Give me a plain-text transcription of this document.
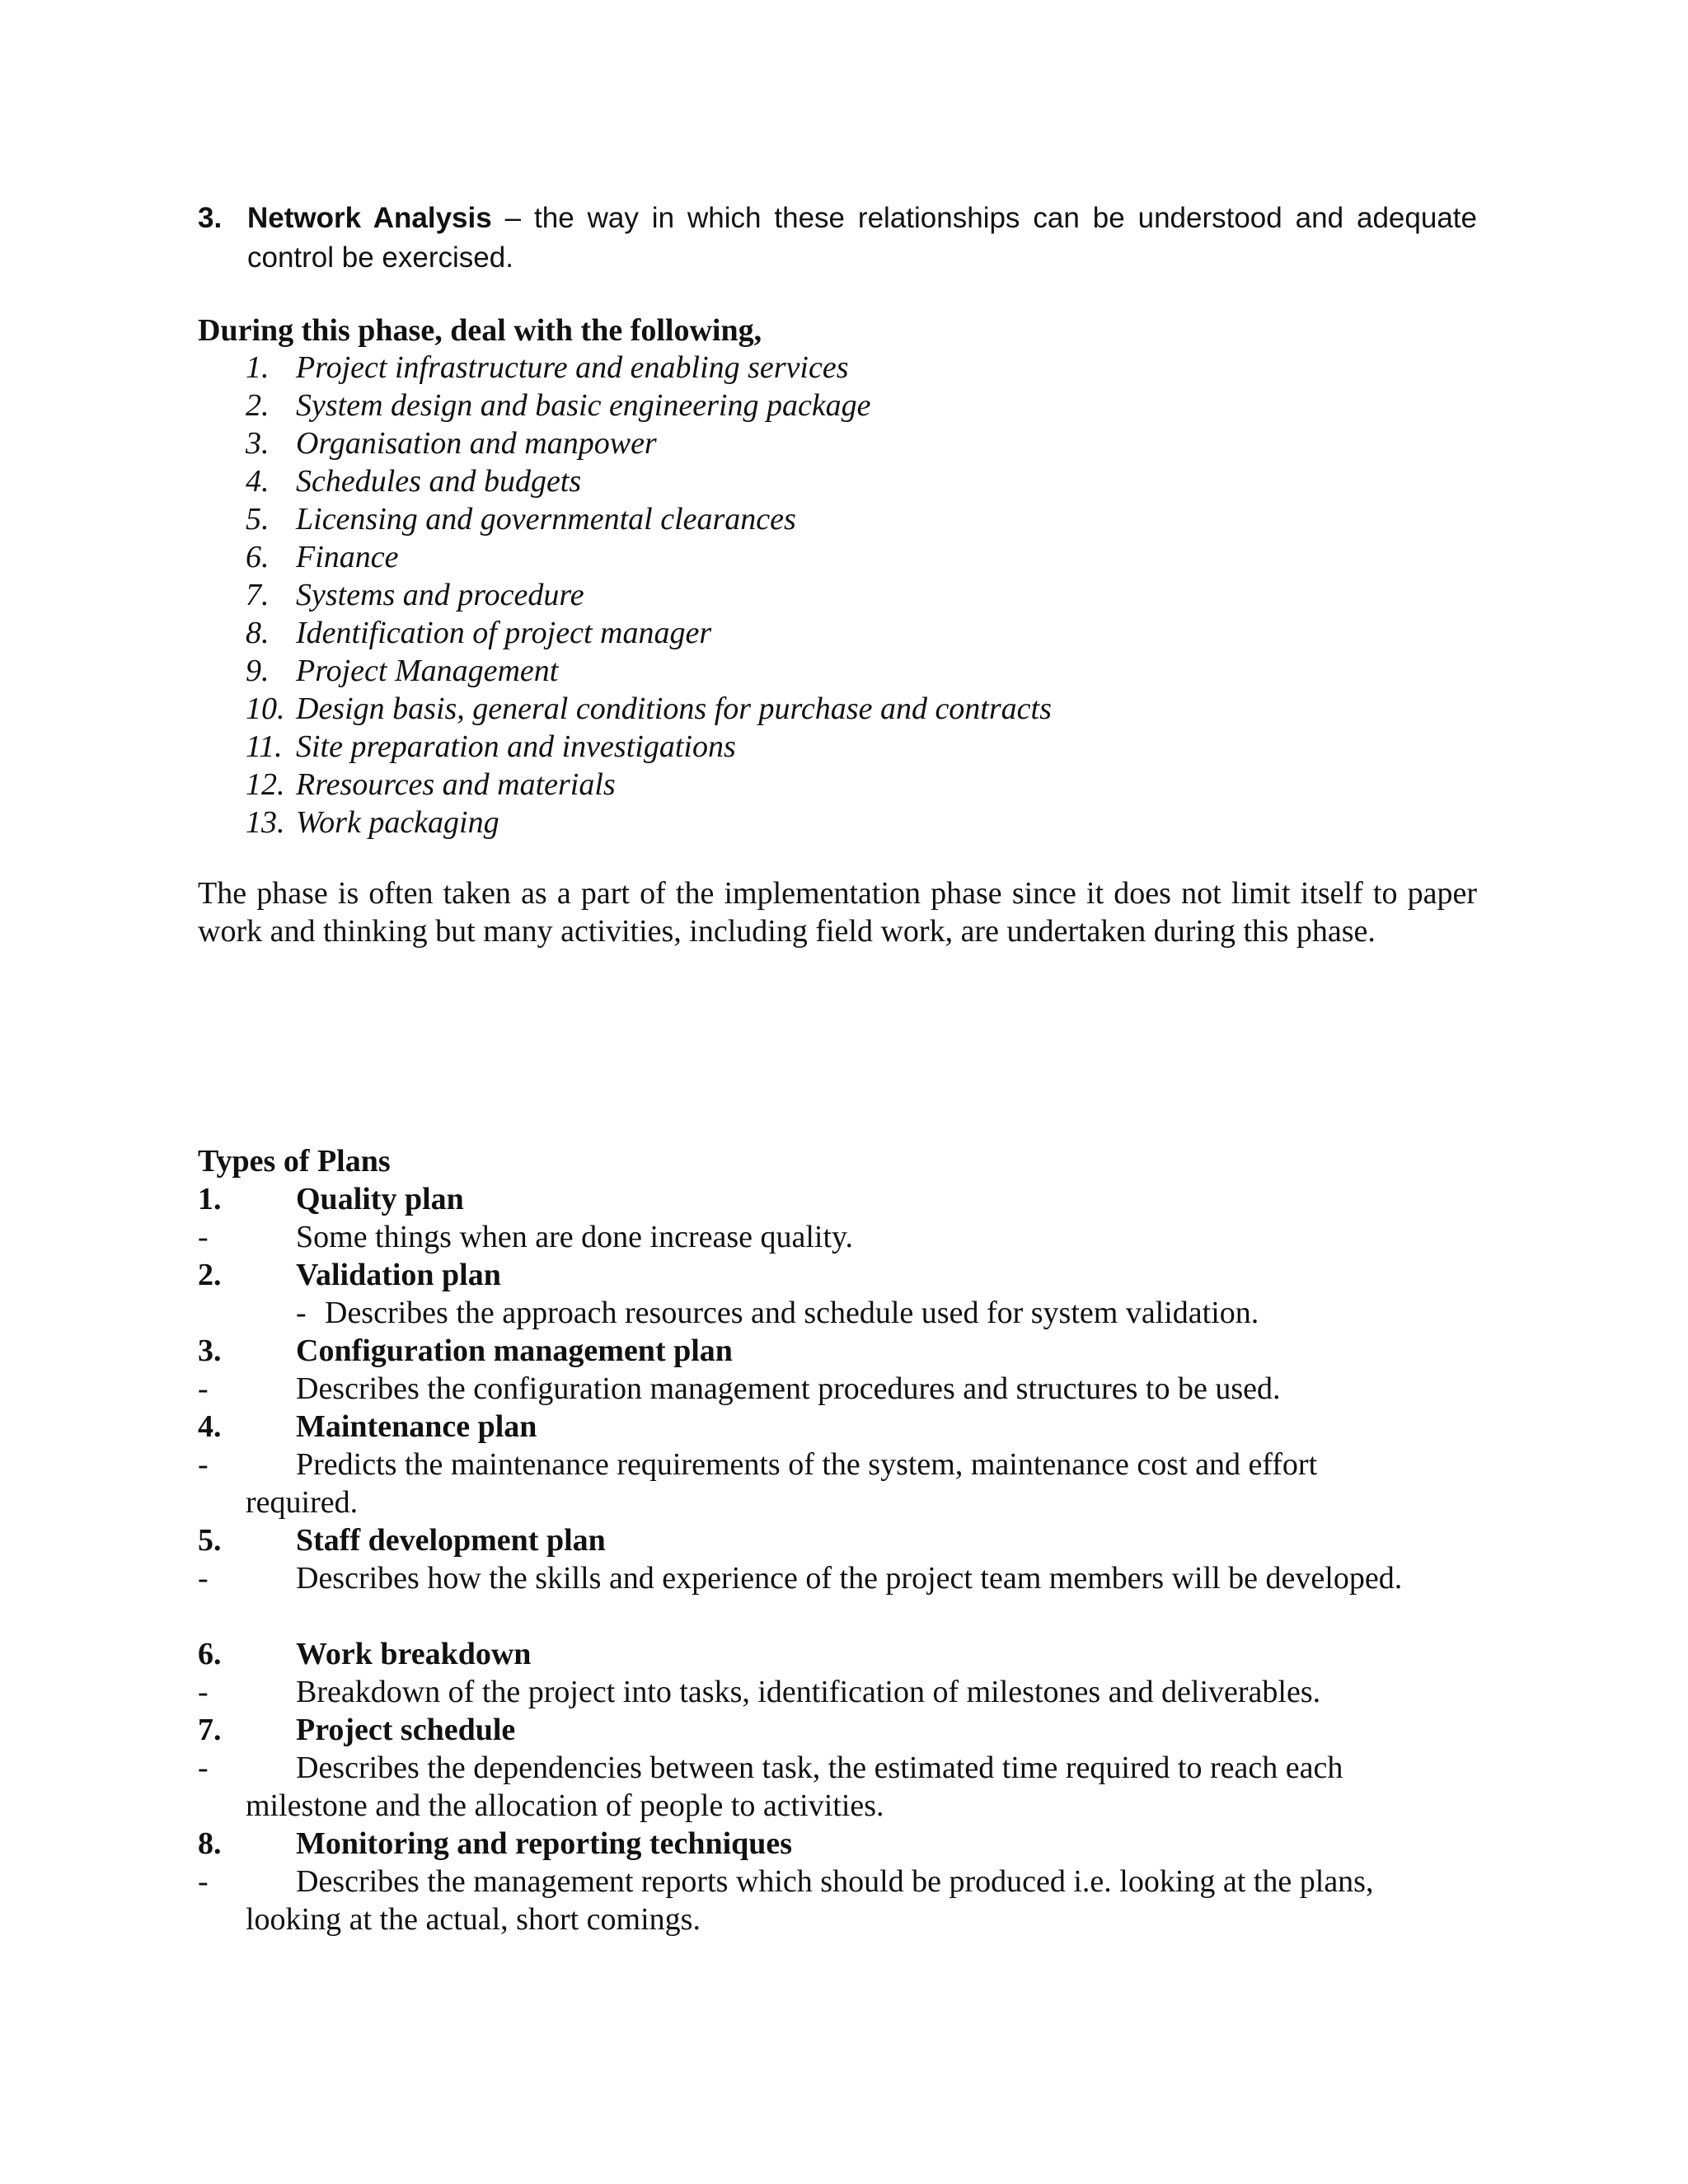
3. Network Analysis – the way in which these relationships can be understood and adequate control be exercised.
During this phase, deal with the following,
1. Project infrastructure and enabling services
2. System design and basic engineering package
3. Organisation and manpower
4. Schedules and budgets
5. Licensing and governmental clearances
6. Finance
7. Systems and procedure
8. Identification of project manager
9. Project Management
10. Design basis, general conditions for purchase and contracts
11. Site preparation and investigations
12. Rresources and materials
13. Work packaging

The phase is often taken as a part of the implementation phase since it does not limit itself to paper work and thinking but many activities, including field work, are undertaken during this phase.

Types of Plans
1. Quality plan
-	Some things when are done increase quality.
2. Validation plan
- Describes the approach resources and schedule used for system validation.
3. Configuration management plan
-	Describes the configuration management procedures and structures to be used.
4. Maintenance plan
-	Predicts the maintenance requirements of the system, maintenance cost and effort
required.
5. Staff development plan
-	Describes how the skills and experience of the project team members will be developed.
6. Work breakdown
-	Breakdown of the project into tasks, identification of milestones and deliverables.
7. Project schedule
-	Describes the dependencies between task, the estimated time required to reach each
milestone and the allocation of people to activities.
8. Monitoring and reporting techniques
-	Describes the management reports which should be produced i.e. looking at the plans,
looking at the actual, short comings.
